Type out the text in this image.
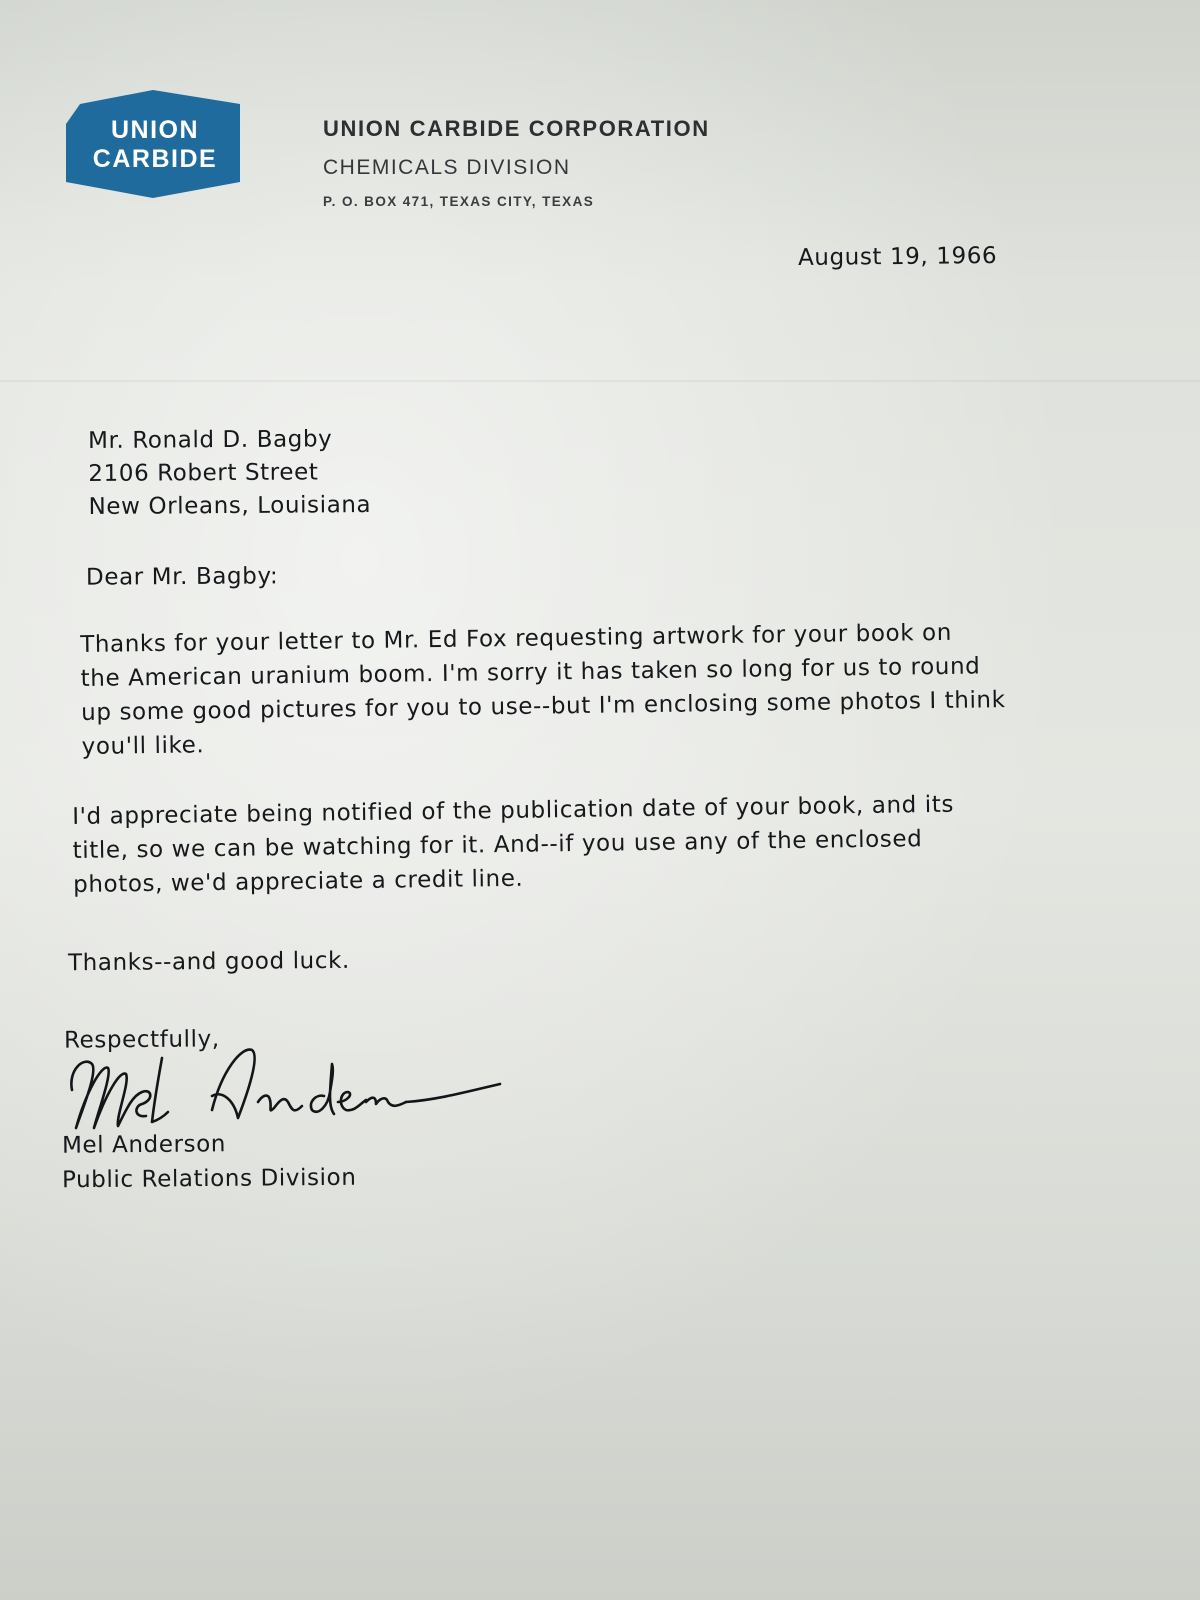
UNION
CARBIDE
UNION CARBIDE CORPORATION
CHEMICALS DIVISION
P. O. BOX 471, TEXAS CITY, TEXAS
August 19, 1966
Mr. Ronald D. Bagby
2106 Robert Street
New Orleans, Louisiana
Dear Mr. Bagby:
Thanks for your letter to Mr. Ed Fox requesting artwork for your book on
the American uranium boom. I'm sorry it has taken so long for us to round
up some good pictures for you to use--but I'm enclosing some photos I think
you'll like.
I'd appreciate being notified of the publication date of your book, and its
title, so we can be watching for it. And--if you use any of the enclosed
photos, we'd appreciate a credit line.
Thanks--and good luck.
Respectfully,
Mel Anderson
Public Relations Division
